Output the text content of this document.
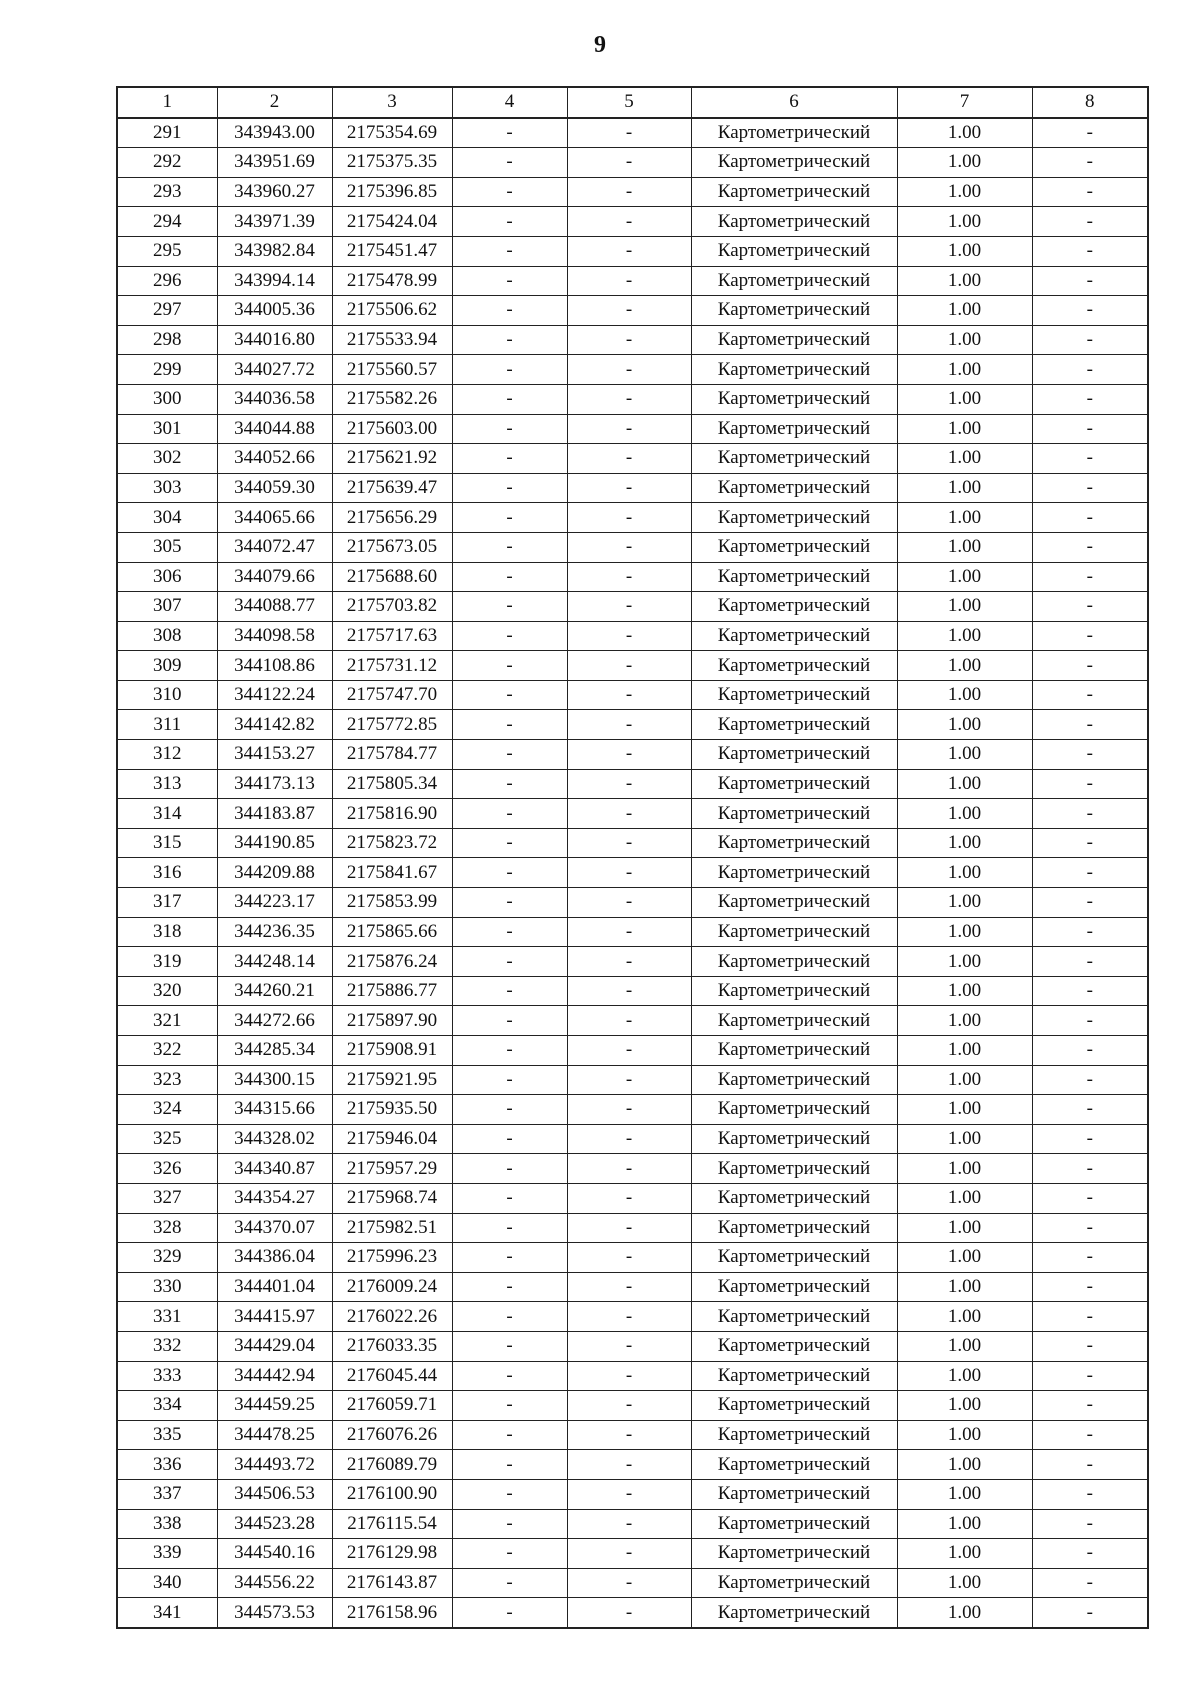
9
1	2	3	4	5	6	7	8
291	343943.00	2175354.69	-	-	Картометрический	1.00	-
292	343951.69	2175375.35	-	-	Картометрический	1.00	-
293	343960.27	2175396.85	-	-	Картометрический	1.00	-
294	343971.39	2175424.04	-	-	Картометрический	1.00	-
295	343982.84	2175451.47	-	-	Картометрический	1.00	-
296	343994.14	2175478.99	-	-	Картометрический	1.00	-
297	344005.36	2175506.62	-	-	Картометрический	1.00	-
298	344016.80	2175533.94	-	-	Картометрический	1.00	-
299	344027.72	2175560.57	-	-	Картометрический	1.00	-
300	344036.58	2175582.26	-	-	Картометрический	1.00	-
301	344044.88	2175603.00	-	-	Картометрический	1.00	-
302	344052.66	2175621.92	-	-	Картометрический	1.00	-
303	344059.30	2175639.47	-	-	Картометрический	1.00	-
304	344065.66	2175656.29	-	-	Картометрический	1.00	-
305	344072.47	2175673.05	-	-	Картометрический	1.00	-
306	344079.66	2175688.60	-	-	Картометрический	1.00	-
307	344088.77	2175703.82	-	-	Картометрический	1.00	-
308	344098.58	2175717.63	-	-	Картометрический	1.00	-
309	344108.86	2175731.12	-	-	Картометрический	1.00	-
310	344122.24	2175747.70	-	-	Картометрический	1.00	-
311	344142.82	2175772.85	-	-	Картометрический	1.00	-
312	344153.27	2175784.77	-	-	Картометрический	1.00	-
313	344173.13	2175805.34	-	-	Картометрический	1.00	-
314	344183.87	2175816.90	-	-	Картометрический	1.00	-
315	344190.85	2175823.72	-	-	Картометрический	1.00	-
316	344209.88	2175841.67	-	-	Картометрический	1.00	-
317	344223.17	2175853.99	-	-	Картометрический	1.00	-
318	344236.35	2175865.66	-	-	Картометрический	1.00	-
319	344248.14	2175876.24	-	-	Картометрический	1.00	-
320	344260.21	2175886.77	-	-	Картометрический	1.00	-
321	344272.66	2175897.90	-	-	Картометрический	1.00	-
322	344285.34	2175908.91	-	-	Картометрический	1.00	-
323	344300.15	2175921.95	-	-	Картометрический	1.00	-
324	344315.66	2175935.50	-	-	Картометрический	1.00	-
325	344328.02	2175946.04	-	-	Картометрический	1.00	-
326	344340.87	2175957.29	-	-	Картометрический	1.00	-
327	344354.27	2175968.74	-	-	Картометрический	1.00	-
328	344370.07	2175982.51	-	-	Картометрический	1.00	-
329	344386.04	2175996.23	-	-	Картометрический	1.00	-
330	344401.04	2176009.24	-	-	Картометрический	1.00	-
331	344415.97	2176022.26	-	-	Картометрический	1.00	-
332	344429.04	2176033.35	-	-	Картометрический	1.00	-
333	344442.94	2176045.44	-	-	Картометрический	1.00	-
334	344459.25	2176059.71	-	-	Картометрический	1.00	-
335	344478.25	2176076.26	-	-	Картометрический	1.00	-
336	344493.72	2176089.79	-	-	Картометрический	1.00	-
337	344506.53	2176100.90	-	-	Картометрический	1.00	-
338	344523.28	2176115.54	-	-	Картометрический	1.00	-
339	344540.16	2176129.98	-	-	Картометрический	1.00	-
340	344556.22	2176143.87	-	-	Картометрический	1.00	-
341	344573.53	2176158.96	-	-	Картометрический	1.00	-
